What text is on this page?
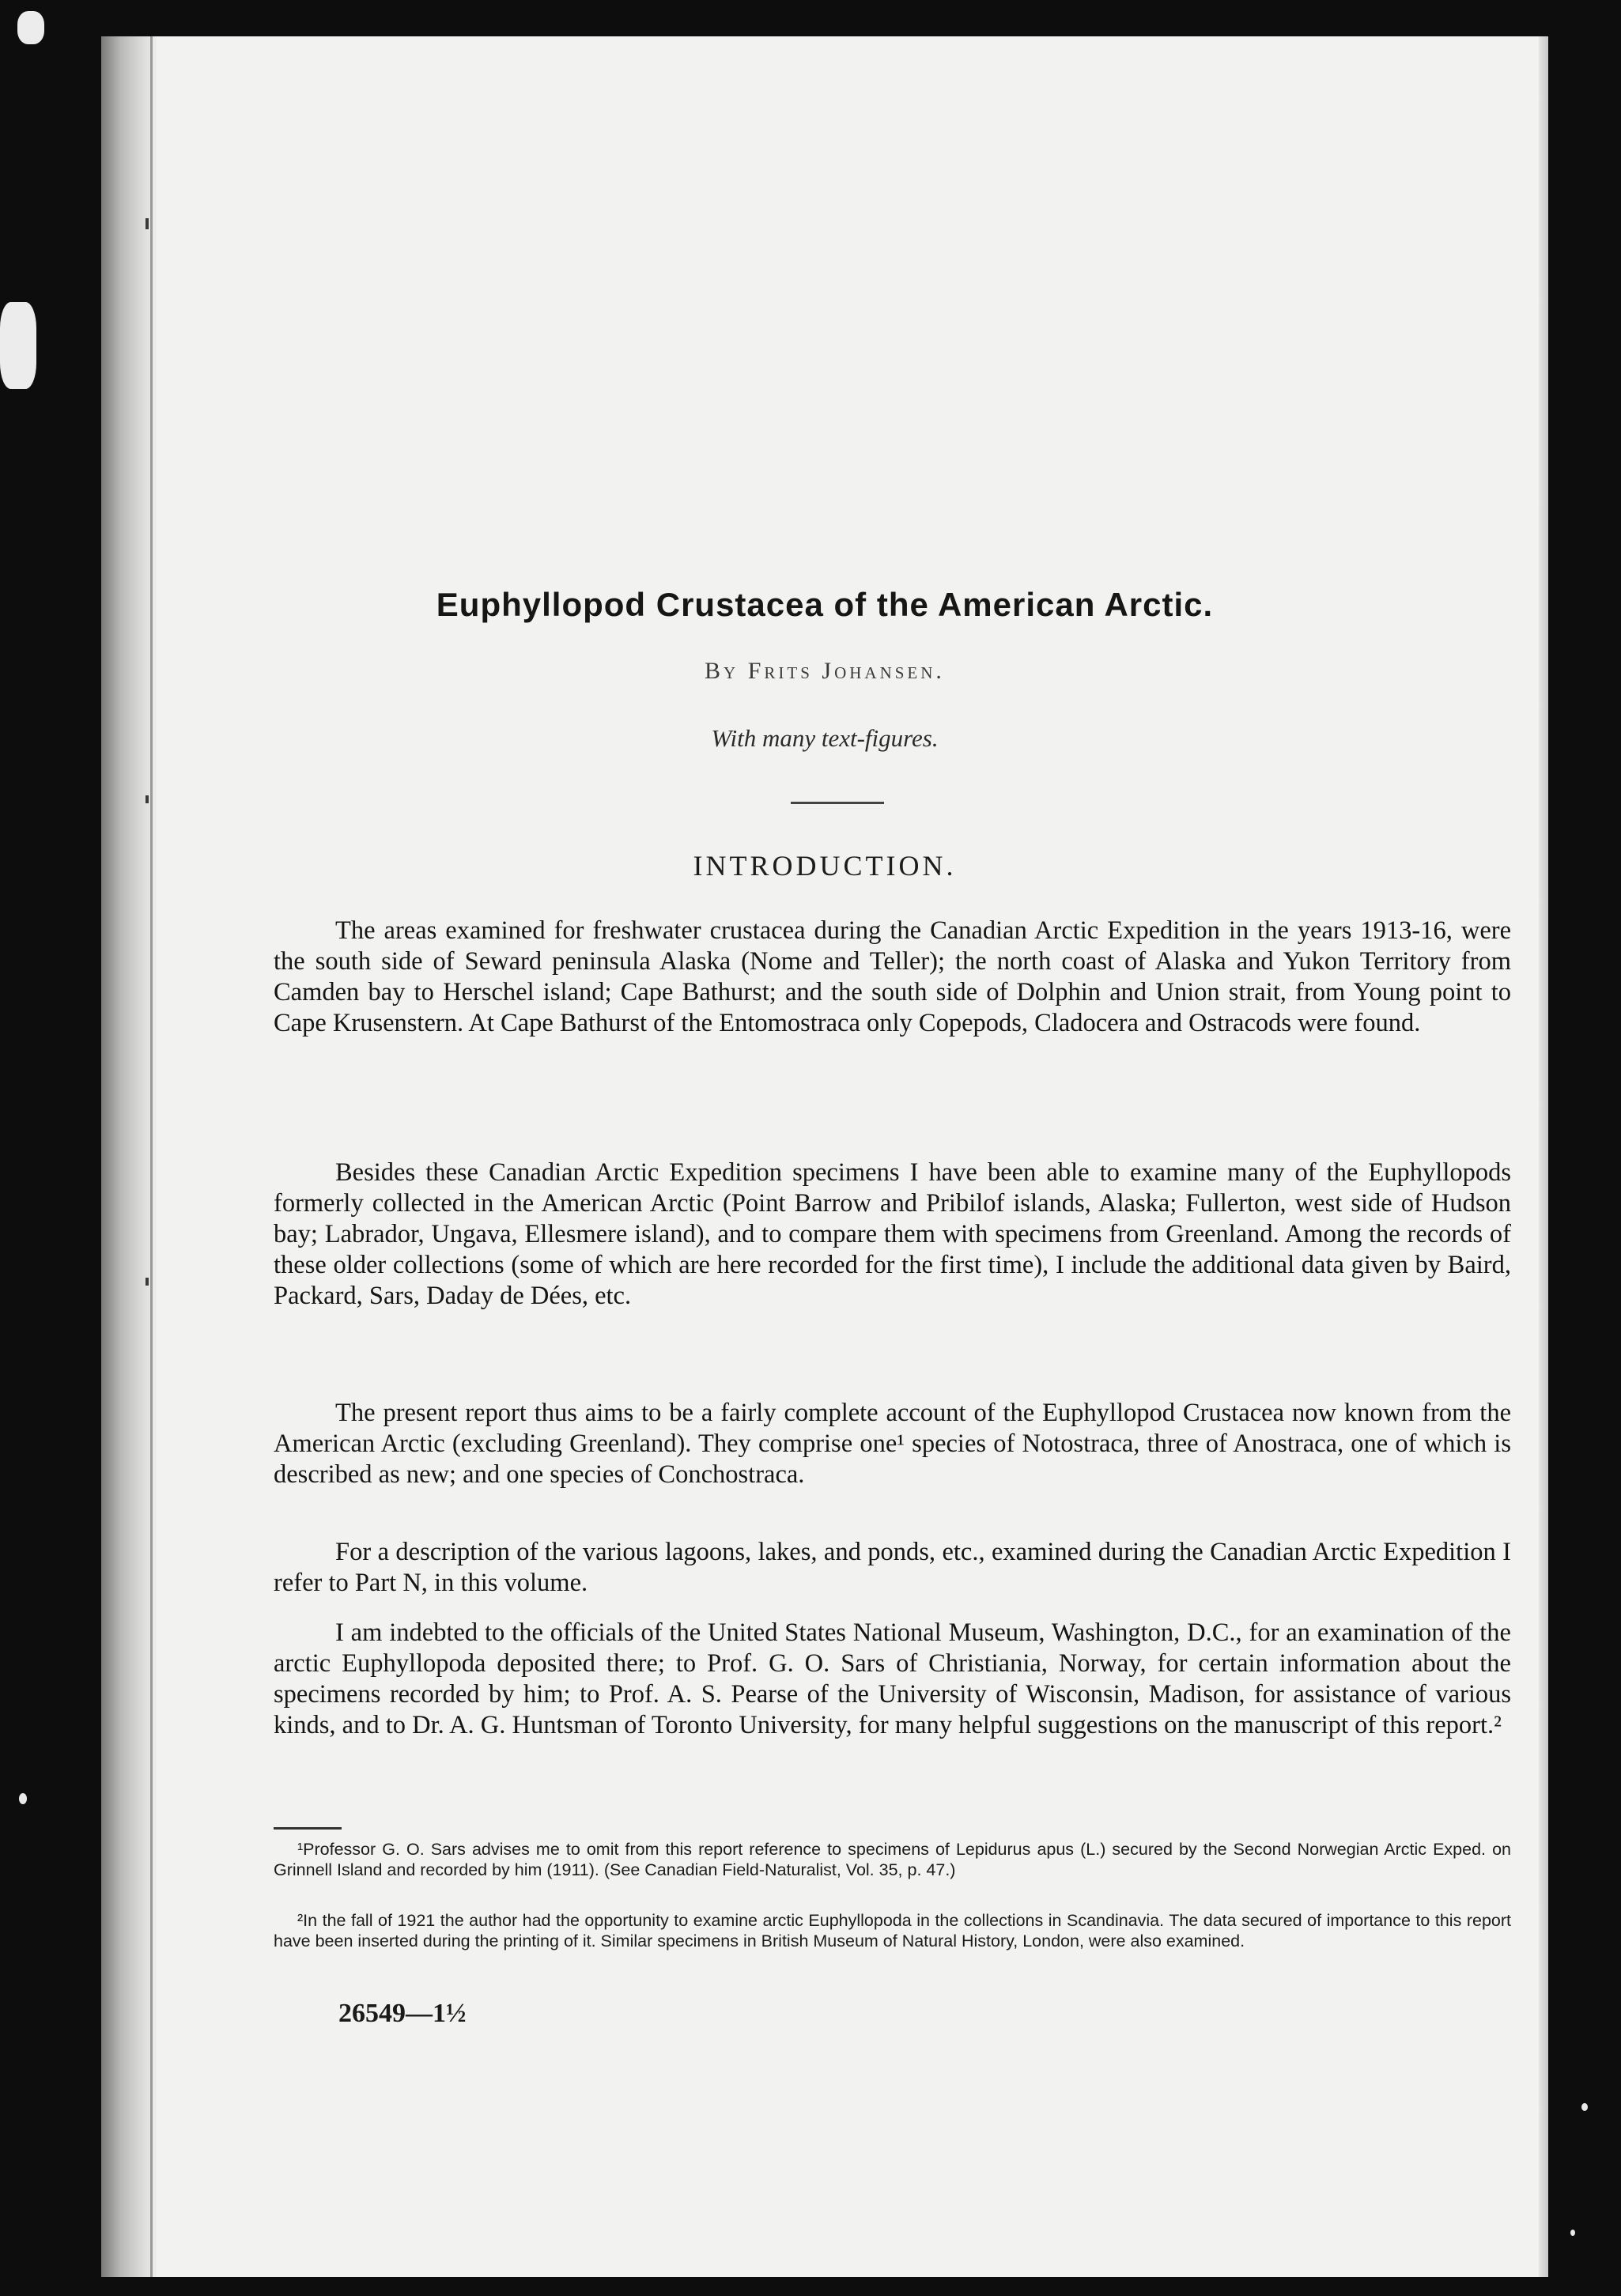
Euphyllopod Crustacea of the American Arctic.
By Frits Johansen.
With many text-figures.
INTRODUCTION.

The areas examined for freshwater crustacea during the Canadian Arctic Expedition in the years 1913-16, were the south side of Seward peninsula Alaska (Nome and Teller); the north coast of Alaska and Yukon Territory from Camden bay to Herschel island; Cape Bathurst; and the south side of Dolphin and Union strait, from Young point to Cape Krusenstern. At Cape Bathurst of the Entomostraca only Copepods, Cladocera and Ostracods were found.

Besides these Canadian Arctic Expedition specimens I have been able to examine many of the Euphyllopods formerly collected in the American Arctic (Point Barrow and Pribilof islands, Alaska; Fullerton, west side of Hudson bay; Labrador, Ungava, Ellesmere island), and to compare them with specimens from Greenland. Among the records of these older collections (some of which are here recorded for the first time), I include the additional data given by Baird, Packard, Sars, Daday de Dées, etc.

The present report thus aims to be a fairly complete account of the Euphyllopod Crustacea now known from the American Arctic (excluding Greenland). They comprise one¹ species of Notostraca, three of Anostraca, one of which is described as new; and one species of Conchostraca.

For a description of the various lagoons, lakes, and ponds, etc., examined during the Canadian Arctic Expedition I refer to Part N, in this volume.

I am indebted to the officials of the United States National Museum, Washington, D.C., for an examination of the arctic Euphyllopoda deposited there; to Prof. G. O. Sars of Christiania, Norway, for certain information about the specimens recorded by him; to Prof. A. S. Pearse of the University of Wisconsin, Madison, for assistance of various kinds, and to Dr. A. G. Huntsman of Toronto University, for many helpful suggestions on the manuscript of this report.²

¹Professor G. O. Sars advises me to omit from this report reference to specimens of Lepidurus apus (L.) secured by the Second Norwegian Arctic Exped. on Grinnell Island and recorded by him (1911). (See Canadian Field-Naturalist, Vol. 35, p. 47.)

²In the fall of 1921 the author had the opportunity to examine arctic Euphyllopoda in the collections in Scandinavia. The data secured of importance to this report have been inserted during the printing of it. Similar specimens in British Museum of Natural History, London, were also examined.

26549—1½
